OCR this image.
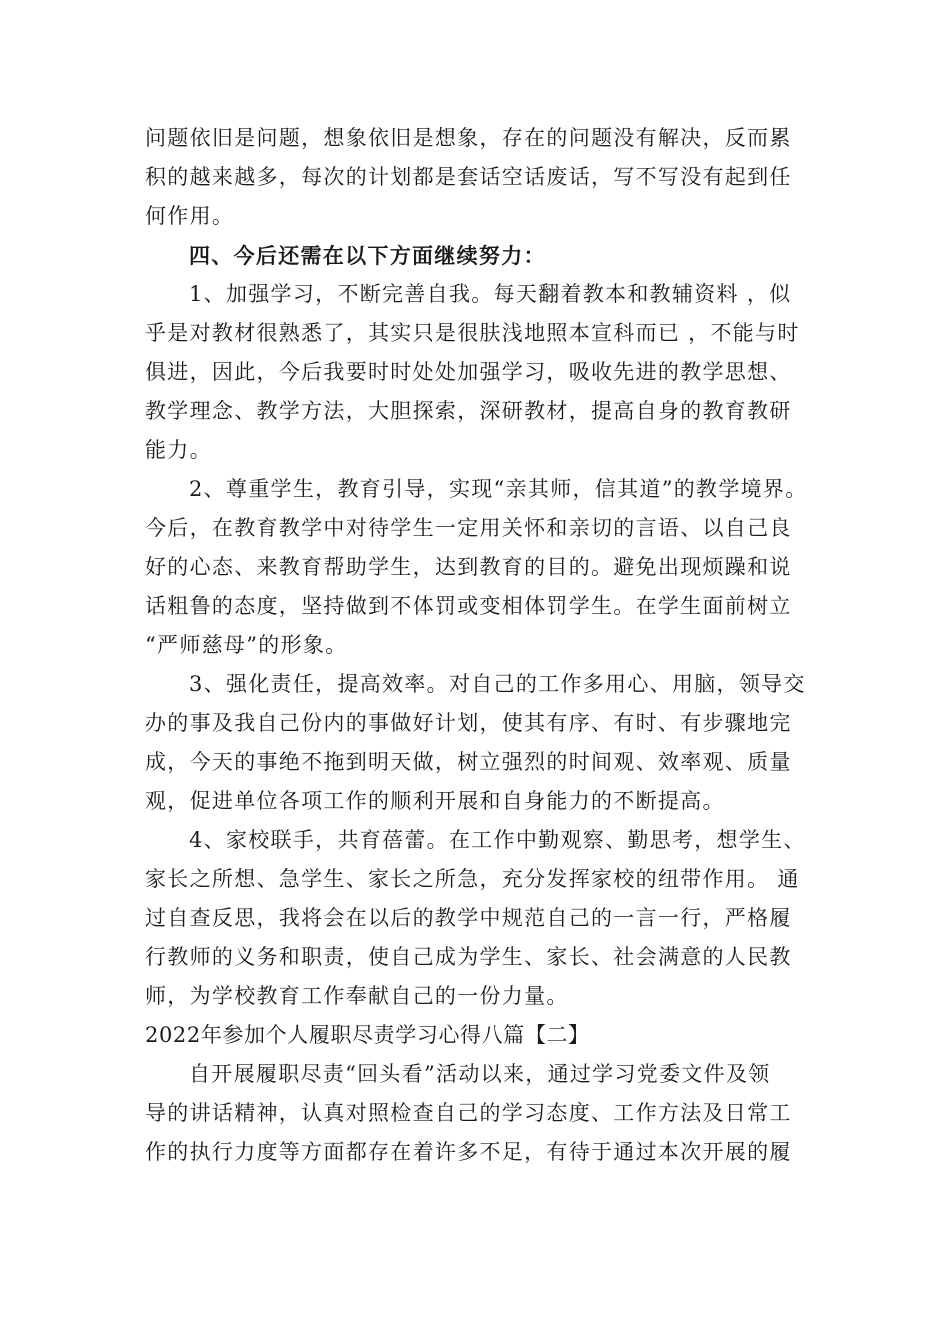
问题依旧是问题，想象依旧是想象，存在的问题没有解决，反而累
积的越来越多，每次的计划都是套话空话废话，写不写没有起到任
何作用。
四、今后还需在以下方面继续努力：
1、加强学习，不断完善自我。每天翻着教本和教辅资料 ，似
乎是对教材很熟悉了，其实只是很肤浅地照本宣科而已 ，不能与时
俱进，因此，今后我要时时处处加强学习，吸收先进的教学思想、
教学理念、教学方法，大胆探索，深研教材，提高自身的教育教研
能力。
2、尊重学生，教育引导，实现“亲其师，信其道”的教学境界。
今后，在教育教学中对待学生一定用关怀和亲切的言语、以自己良
好的心态、来教育帮助学生，达到教育的目的。避免出现烦躁和说
话粗鲁的态度，坚持做到不体罚或变相体罚学生。在学生面前树立
“严师慈母”的形象。
3、强化责任，提高效率。对自己的工作多用心、用脑，领导交
办的事及我自己份内的事做好计划，使其有序、有时、有步骤地完
成，今天的事绝不拖到明天做，树立强烈的时间观、效率观、质量
观，促进单位各项工作的顺利开展和自身能力的不断提高。
4、家校联手，共育蓓蕾。在工作中勤观察、勤思考，想学生、
家长之所想、急学生、家长之所急，充分发挥家校的纽带作用。 通
过自查反思，我将会在以后的教学中规范自己的一言一行，严格履
行教师的义务和职责，使自己成为学生、家长、社会满意的人民教
师，为学校教育工作奉献自己的一份力量。
2022年参加个人履职尽责学习心得八篇【二】
自开展履职尽责“回头看”活动以来，通过学习党委文件及领
导的讲话精神，认真对照检查自己的学习态度、工作方法及日常工
作的执行力度等方面都存在着许多不足，有待于通过本次开展的履
